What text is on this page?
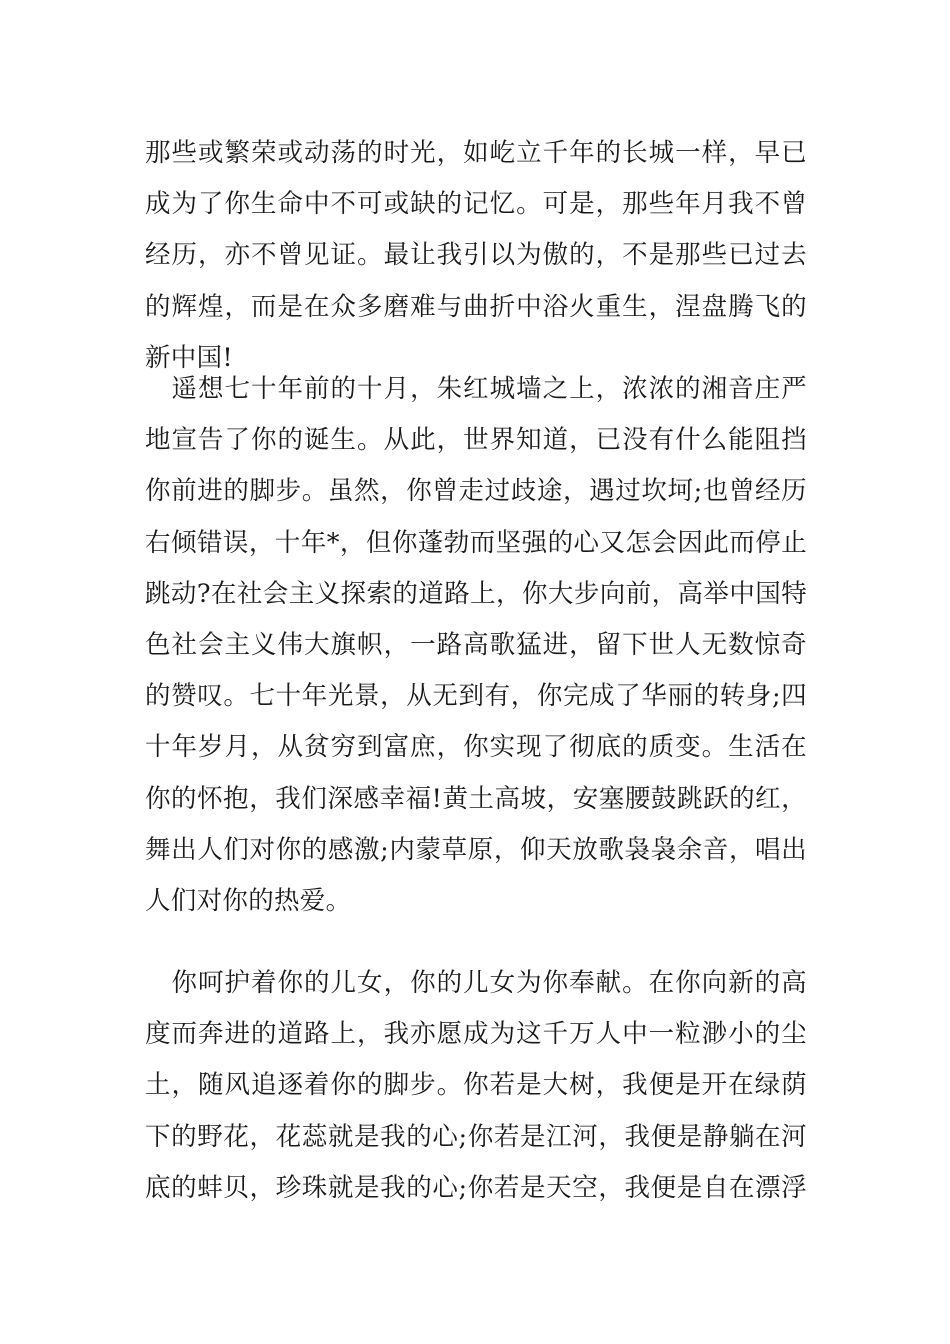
那些或繁荣或动荡的时光，如屹立千年的长城一样，早已
成为了你生命中不可或缺的记忆。可是，那些年月我不曾
经历，亦不曾见证。最让我引以为傲的，不是那些已过去
的辉煌，而是在众多磨难与曲折中浴火重生，涅盘腾飞的
新中国!

　遥想七十年前的十月，朱红城墙之上，浓浓的湘音庄严
地宣告了你的诞生。从此，世界知道，已没有什么能阻挡
你前进的脚步。虽然，你曾走过歧途，遇过坎坷;也曾经历
右倾错误，十年*，但你蓬勃而坚强的心又怎会因此而停止
跳动?在社会主义探索的道路上，你大步向前，高举中国特
色社会主义伟大旗帜，一路高歌猛进，留下世人无数惊奇
的赞叹。七十年光景，从无到有，你完成了华丽的转身;四
十年岁月，从贫穷到富庶，你实现了彻底的质变。生活在
你的怀抱，我们深感幸福!黄土高坡，安塞腰鼓跳跃的红，
舞出人们对你的感激;内蒙草原，仰天放歌袅袅余音，唱出
人们对你的热爱。

　你呵护着你的儿女，你的儿女为你奉献。在你向新的高
度而奔进的道路上，我亦愿成为这千万人中一粒渺小的尘
土，随风追逐着你的脚步。你若是大树，我便是开在绿荫
下的野花，花蕊就是我的心;你若是江河，我便是静躺在河
底的蚌贝，珍珠就是我的心;你若是天空，我便是自在漂浮
